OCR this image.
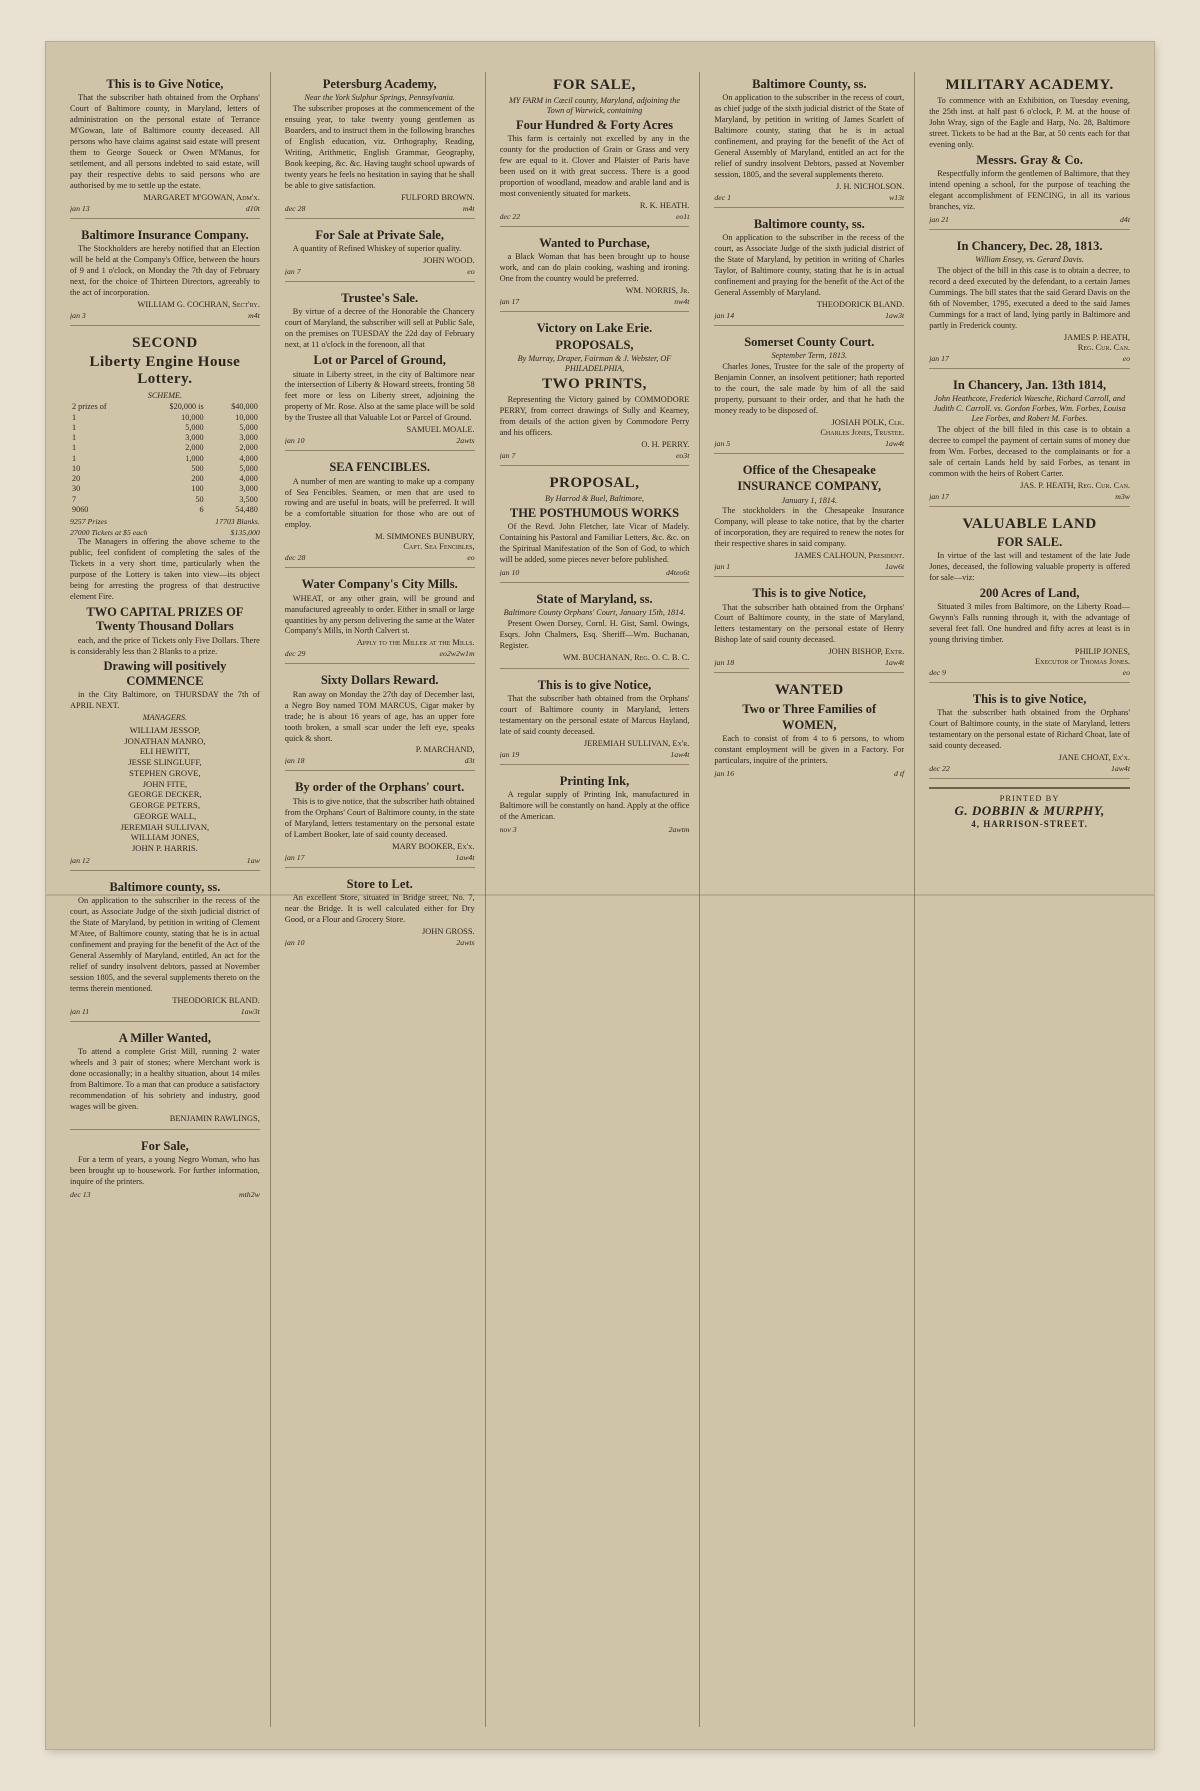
This is to Give Notice,

That the subscriber hath obtained from the Orphans' Court of Baltimore county, in Maryland, letters of administration on the personal estate of Terrance M'Gowan, late of Baltimore county deceased. All persons who have claims against said estate will present them to George Soueck or Owen M'Manus, for settlement, and all persons indebted to said estate, will pay their respective debts to said persons who are authorised by me to settle up the estate.

MARGARET M'GOWAN, Adm'x.
jan 13	d10t
Baltimore Insurance Company.

The Stockholders are hereby notified that an Election will be held at the Company's Office, between the hours of 9 and 1 o'clock, on Monday the 7th day of February next, for the choice of Thirteen Directors, agreeably to the act of incorporation.

WILLIAM G. COCHRAN, Sect'ry.
jan 3	m4t
SECOND
Liberty Engine House Lottery.
SCHEME.
2 prizes of	$20,000 is	$40,000
1	10,000	10,000
1	5,000	5,000
1	3,000	3,000
1	2,000	2,000
1	1,000	4,000
10	500	5,000
20	200	4,000
30	100	3,000
7	50	3,500
9060	6	54,480
9257 Prizes	17703 Blanks.
27000 Tickets at $5 each	$135,000

The Managers in offering the above scheme to the public, feel confident of completing the sales of the Tickets in a very short time, particularly when the purpose of the Lottery is taken into view—its object being for arresting the progress of that destructive element Fire.

TWO CAPITAL PRIZES OF Twenty Thousand Dollars

each, and the price of Tickets only Five Dollars. There is considerably less than 2 Blanks to a prize.

Drawing will positively COMMENCE

in the City Baltimore, on THURSDAY the 7th of APRIL NEXT.

MANAGERS.
WILLIAM JESSOP,
JONATHAN MANRO,
ELI HEWITT,
JESSE SLINGLUFF,
STEPHEN GROVE,
JOHN FITE,
GEORGE DECKER,
GEORGE PETERS,
GEORGE WALL,
JEREMIAH SULLIVAN,
WILLIAM JONES,
JOHN P. HARRIS.
jan 12	1aw
Baltimore county, ss.

On application to the subscriber in the recess of the court, as Associate Judge of the sixth judicial district of the State of Maryland, by petition in writing of Clement M'Atee, of Baltimore county, stating that he is in actual confinement and praying for the benefit of the Act of the General Assembly of Maryland, entitled, An act for the relief of sundry insolvent debtors, passed at November session 1805, and the several supplements thereto on the terms therein mentioned.

THEODORICK BLAND.
jan 11	1aw3t
A Miller Wanted,

To attend a complete Grist Mill, running 2 water wheels and 3 pair of stones; where Merchant work is done occasionally; in a healthy situation, about 14 miles from Baltimore. To a man that can produce a satisfactory recommendation of his sobriety and industry, good wages will be given.

BENJAMIN RAWLINGS,
For Sale,

For a term of years, a young Negro Woman, who has been brought up to housework. For further information, inquire of the printers.

dec 13	mth2w
Petersburg Academy,
Near the York Sulphur Springs, Pennsylvania.

The subscriber proposes at the commencement of the ensuing year, to take twenty young gentlemen as Boarders, and to instruct them in the following branches of English education, viz. Orthography, Reading, Writing, Arithmetic, English Grammar, Geography, Book keeping, &c. &c. Having taught school upwards of twenty years he feels no hesitation in saying that he shall be able to give satisfaction.

FULFORD BROWN.
dec 28	m4t
For Sale at Private Sale,

A quantity of Refined Whiskey of superior quality.

JOHN WOOD.
jan 7	eo
Trustee's Sale.

By virtue of a decree of the Honorable the Chancery court of Maryland, the subscriber will sell at Public Sale, on the premises on TUESDAY the 22d day of February next, at 11 o'clock in the forenoon, all that

Lot or Parcel of Ground,

situate in Liberty street, in the city of Baltimore near the intersection of Liberty & Howard streets, fronting 58 feet more or less on Liberty street, adjoining the property of Mr. Rose. Also at the same place will be sold by the Trustee all that Valuable Lot or Parcel of Ground.

SAMUEL MOALE.
jan 10	2awts
SEA FENCIBLES.

A number of men are wanting to make up a company of Sea Fencibles. Seamen, or men that are used to rowing and are useful in boats, will be preferred. It will be a comfortable situation for those who are out of employ.

M. SIMMONES BUNBURY,
Capt. Sea Fencibles,
dec 28	eo
Water Company's City Mills.

WHEAT, or any other grain, will be ground and manufactured agreeably to order. Either in small or large quantities by any person delivering the same at the Water Company's Mills, in North Calvert st.

Apply to the Miller at the Mills.
dec 29	eo2w2w1m
Sixty Dollars Reward.

Ran away on Monday the 27th day of December last, a Negro Boy named TOM MARCUS, Cigar maker by trade; he is about 16 years of age, has an upper fore tooth broken, a small scar under the left eye, speaks quick & short.

P. MARCHAND,
jan 18	d3t
By order of the Orphans' court.

This is to give notice, that the subscriber hath obtained from the Orphans' Court of Baltimore county, in the state of Maryland, letters testamentary on the personal estate of Lambert Booker, late of said county deceased.

MARY BOOKER, Ex'x.
jan 17	1aw4t
Store to Let.

An excellent Store, situated in Bridge street, No. 7, near the Bridge. It is well calculated either for Dry Good, or a Flour and Grocery Store.

JOHN GROSS.
jan 10	2awts
FOR SALE,
MY FARM in Cæcil county, Maryland, adjoining the Town of Warwick, containing
Four Hundred & Forty Acres

This farm is certainly not excelled by any in the county for the production of Grain or Grass and very few are equal to it. Clover and Plaister of Paris have been used on it with great success. There is a good proportion of woodland, meadow and arable land and is most conveniently situated for markets.

R. K. HEATH.
dec 22	eo1t
Wanted to Purchase,

a Black Woman that has been brought up to house work, and can do plain cooking, washing and ironing. One from the country would be preferred.

WM. NORRIS, Jr.
jan 17	nw4t
Victory on Lake Erie.
PROPOSALS,
By Murray, Draper, Fairman & J. Webster, OF PHILADELPHIA,
TWO PRINTS,

Representing the Victory gained by COMMODORE PERRY, from correct drawings of Sully and Kearney, from details of the action given by Commodore Perry and his officers.

O. H. PERRY.
jan 7	eo3t
PROPOSAL,
By Harrod & Buel, Baltimore,
THE POSTHUMOUS WORKS

Of the Revd. John Fletcher, late Vicar of Madely. Containing his Pastoral and Familiar Letters, &c. &c. on the Spiritual Manifestation of the Son of God, to which will be added, some pieces never before published.

jan 10	d4teo6t
State of Maryland, ss.
Baltimore County Orphans' Court, January 15th, 1814.

Present Owen Dorsey, Cornl. H. Gist, Saml. Owings, Esqrs. John Chalmers, Esq. Sheriff—Wm. Buchanan, Register.

WM. BUCHANAN, Reg. O. C. B. C.
This is to give Notice,

That the subscriber hath obtained from the Orphans' court of Baltimore county in Maryland, letters testamentary on the personal estate of Marcus Hayland, late of said county deceased.

JEREMIAH SULLIVAN, Ex'r.
jan 19	1aw4t
Printing Ink,

A regular supply of Printing Ink, manufactured in Baltimore will be constantly on hand. Apply at the office of the American.

nov 3	2awtm
Baltimore County, ss.

On application to the subscriber in the recess of court, as chief judge of the sixth judicial district of the State of Maryland, by petition in writing of James Scarlett of Baltimore county, stating that he is in actual confinement, and praying for the benefit of the Act of General Assembly of Maryland, entitled an act for the relief of sundry insolvent Debtors, passed at November session, 1805, and the several supplements thereto.

J. H. NICHOLSON.
dec 1	w13t
Baltimore county, ss.

On application to the subscriber in the recess of the court, as Associate Judge of the sixth judicial district of the State of Maryland, by petition in writing of Charles Taylor, of Baltimore county, stating that he is in actual confinement and praying for the benefit of the Act of the General Assembly of Maryland.

THEODORICK BLAND.
jan 14	1aw3t
Somerset County Court.
September Term, 1813.

Charles Jones, Trustee for the sale of the property of Benjamin Conner, an insolvent petitioner; hath reported to the court, the sale made by him of all the said property, pursuant to their order, and that he hath the money ready to be disposed of.

JOSIAH POLK, Clk.
Charles Jones, Trustee.
jan 5	1aw4t
Office of the Chesapeake
INSURANCE COMPANY,
January 1, 1814.

The stockholders in the Chesapeake Insurance Company, will please to take notice, that by the charter of incorporation, they are required to renew the notes for their respective shares in said company.

JAMES CALHOUN, President.
jan 1	1aw6t
This is to give Notice,

That the subscriber hath obtained from the Orphans' Court of Baltimore county, in the state of Maryland, letters testamentary on the personal estate of Henry Bishop late of said county deceased.

JOHN BISHOP, Extr.
jan 18	1aw4t
WANTED
Two or Three Families of
WOMEN,

Each to consist of from 4 to 6 persons, to whom constant employment will be given in a Factory. For particulars, inquire of the printers.

jan 16	d tf
MILITARY ACADEMY.

To commence with an Exhibition, on Tuesday evening, the 25th inst. at half past 6 o'clock, P. M. at the house of John Wray, sign of the Eagle and Harp, No. 28, Baltimore street. Tickets to be had at the Bar, at 50 cents each for that evening only.

Messrs. Gray & Co.

Respectfully inform the gentlemen of Baltimore, that they intend opening a school, for the purpose of teaching the elegant accomplishment of FENCING, in all its various branches, viz.

jan 21	d4t
In Chancery, Dec. 28, 1813.
William Ensey, vs. Gerard Davis.

The object of the bill in this case is to obtain a decree, to record a deed executed by the defendant, to a certain James Cummings. The bill states that the said Gerard Davis on the 6th of November, 1795, executed a deed to the said James Cummings for a tract of land, lying partly in Baltimore and partly in Frederick county.

JAMES P. HEATH,
Reg. Cur. Can.
jan 17	eo
In Chancery, Jan. 13th 1814,
John Heathcote, Frederick Waesche, Richard Carroll, and Judith C. Carroll. vs. Gordon Forbes, Wm. Forbes, Louisa Lee Forbes, and Robert M. Forbes.

The object of the bill filed in this case is to obtain a decree to compel the payment of certain sums of money due from Wm. Forbes, deceased to the complainants or for a sale of certain Lands held by said Forbes, as tenant in common with the heirs of Robert Carter.

JAS. P. HEATH, Reg. Cur. Can.
jan 17	m3w
VALUABLE LAND
FOR SALE.

In virtue of the last will and testament of the late Jude Jones, deceased, the following valuable property is offered for sale—viz:

200 Acres of Land,

Situated 3 miles from Baltimore, on the Liberty Road—Gwynn's Falls running through it, with the advantage of several feet fall. One hundred and fifty acres at least is in young thriving timber.

PHILIP JONES,
Executor of Thomas Jones.
dec 9	eo
This is to give Notice,

That the subscriber hath obtained from the Orphans' Court of Baltimore county, in the state of Maryland, letters testamentary on the personal estate of Richard Choat, late of said county deceased.

JANE CHOAT, Ex'x.
dec 22	1aw4t
PRINTED BY
G. DOBBIN & MURPHY,
4, HARRISON-STREET.
